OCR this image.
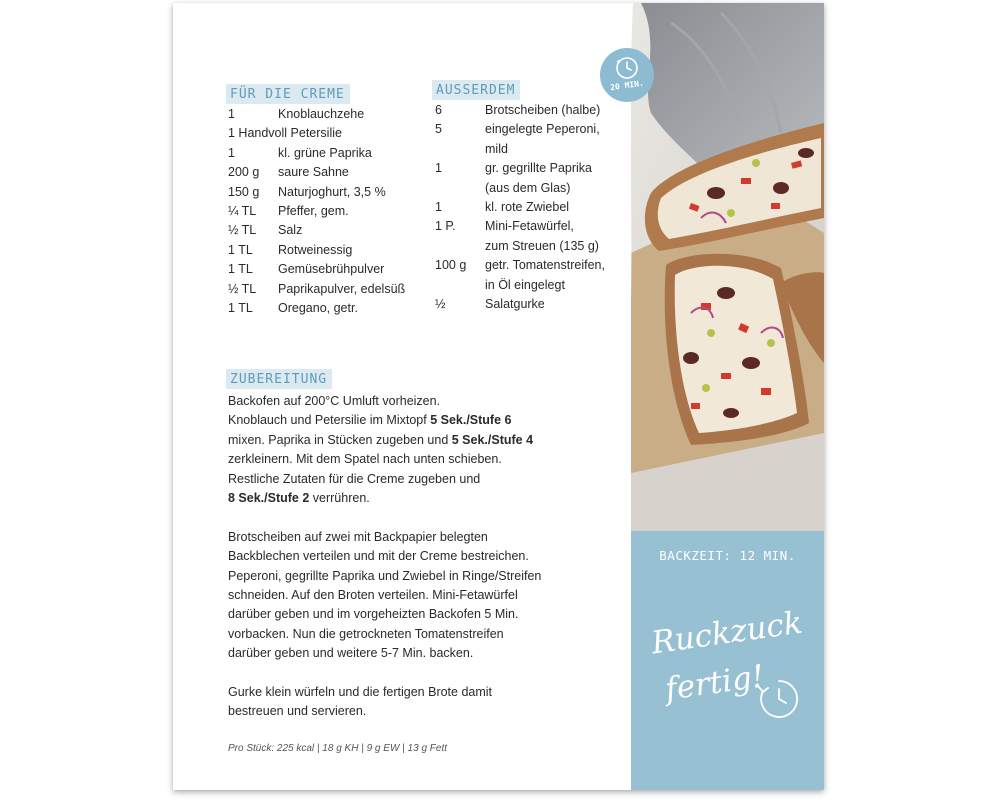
FÜR DIE CREME
1	Knoblauchzehe
1 Handvoll Petersilie
1	kl. grüne Paprika
200 g	saure Sahne
150 g	Naturjoghurt, 3,5 %
¼ TL	Pfeffer, gem.
½ TL	Salz
1 TL	Rotweinessig
1 TL	Gemüsebrühpulver
½ TL	Paprikapulver, edelsüß
1 TL	Oregano, getr.
AUSSERDEM
6	Brotscheiben (halbe)
5	eingelegte Peperoni,
mild
1	gr. gegrillte Paprika
(aus dem Glas)
1	kl. rote Zwiebel
1 P.	Mini-Fetawürfel,
zum Streuen (135 g)
100 g	getr. Tomatenstreifen,
in Öl eingelegt
½	Salatgurke
ZUBEREITUNG

Backofen auf 200°C Umluft vorheizen.
Knoblauch und Petersilie im Mixtopf 5 Sek./Stufe 6
mixen. Paprika in Stücken zugeben und 5 Sek./Stufe 4
zerkleinern. Mit dem Spatel nach unten schieben.
Restliche Zutaten für die Creme zugeben und
8 Sek./Stufe 2 verrühren.

Brotscheiben auf zwei mit Backpapier belegten
Backblechen verteilen und mit der Creme bestreichen.
Peperoni, gegrillte Paprika und Zwiebel in Ringe/Streifen
schneiden. Auf den Broten verteilen. Mini-Fetawürfel
darüber geben und im vorgeheizten Backofen 5 Min.
vorbacken. Nun die getrockneten Tomatenstreifen
darüber geben und weitere 5-7 Min. backen.

Gurke klein würfeln und die fertigen Brote damit
bestreuen und servieren.

Pro Stück: 225 kcal | 18 g KH | 9 g EW | 13 g Fett
20 MIN.
BACKZEIT: 12 MIN.
Ruckzuck
fertig!
